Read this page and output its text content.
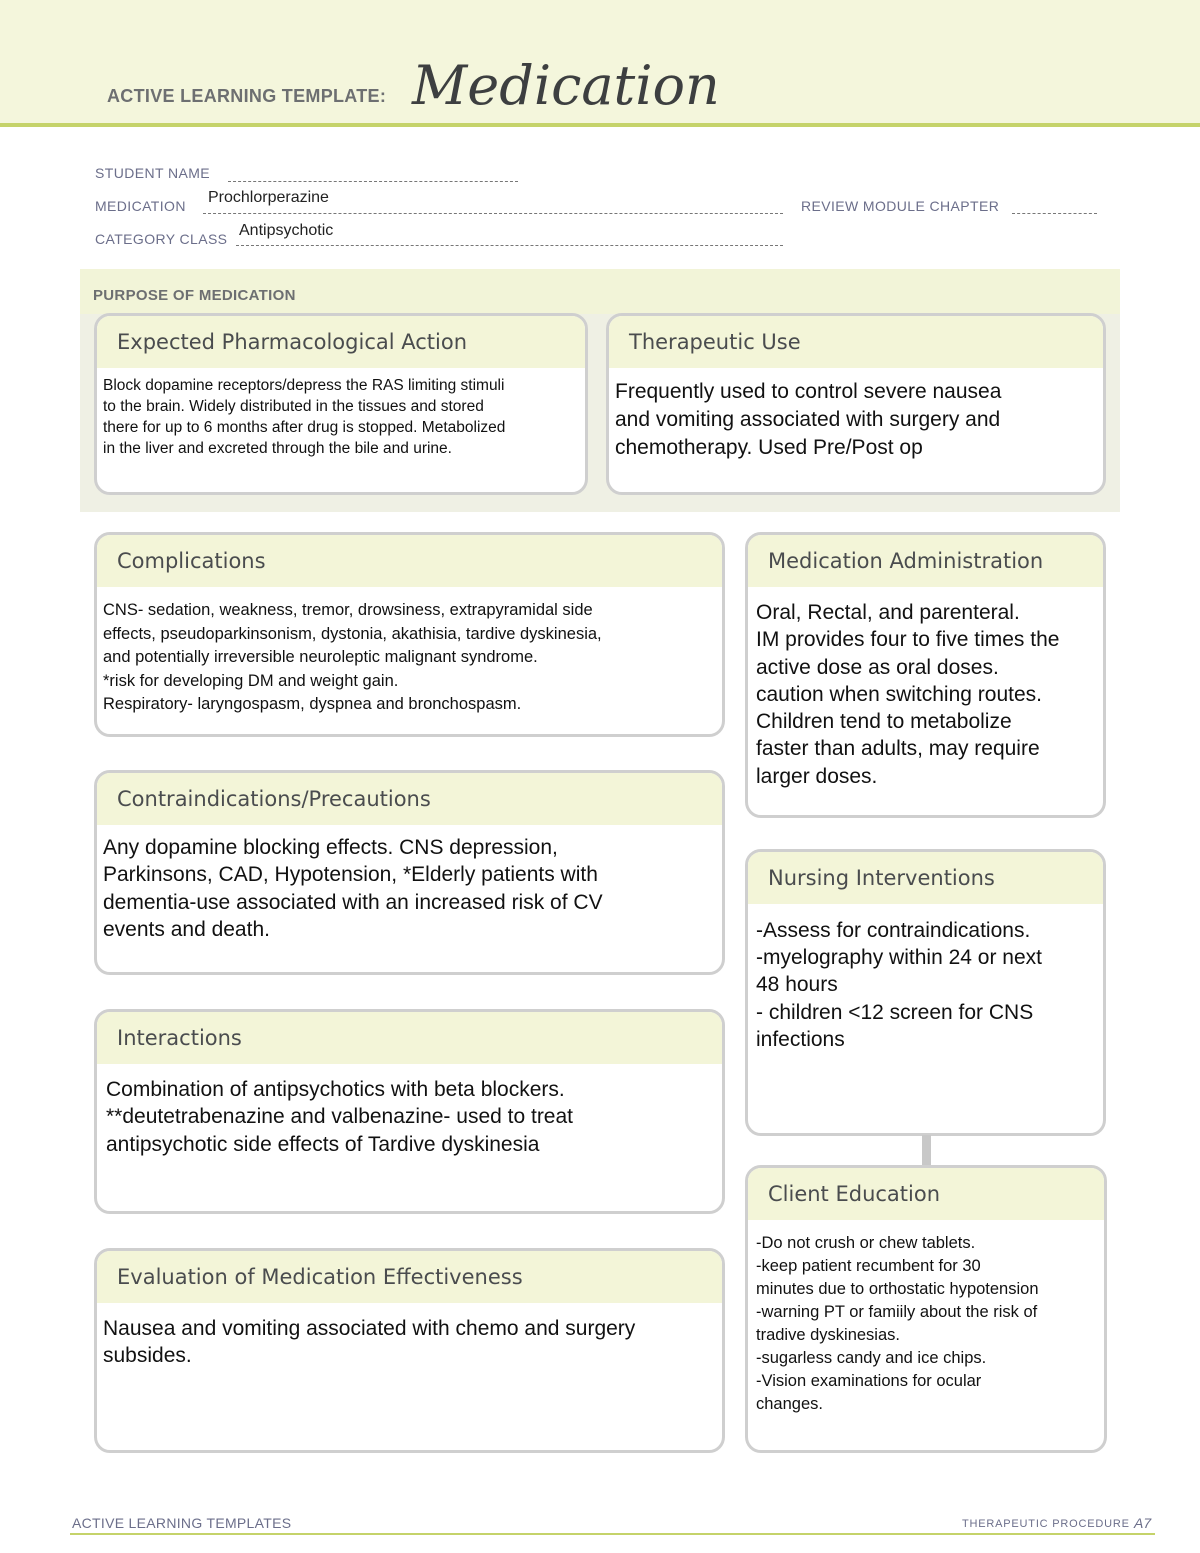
ACTIVE LEARNING TEMPLATE: Medication
STUDENT NAME
MEDICATION Prochlorperazine	REVIEW MODULE CHAPTER
CATEGORY CLASS Antipsychotic
PURPOSE OF MEDICATION
Expected Pharmacological Action
Block dopamine receptors/depress the RAS limiting stimuli
to the brain. Widely distributed in the tissues and stored
there for up to 6 months after drug is stopped. Metabolized
in the liver and excreted through the bile and urine.
Therapeutic Use
Frequently used to control severe nausea
and vomiting associated with surgery and
chemotherapy. Used Pre/Post op
Complications
CNS- sedation, weakness, tremor, drowsiness, extrapyramidal side
effects, pseudoparkinsonism, dystonia, akathisia, tardive dyskinesia,
and potentially irreversible neuroleptic malignant syndrome.
*risk for developing DM and weight gain.
Respiratory- laryngospasm, dyspnea and bronchospasm.
Medication Administration
Oral, Rectal, and parenteral.
IM provides four to five times the
active dose as oral doses.
caution when switching routes.
Children tend to metabolize
faster than adults, may require
larger doses.
Contraindications/Precautions
Any dopamine blocking effects. CNS depression,
Parkinsons, CAD, Hypotension, *Elderly patients with
dementia-use associated with an increased risk of CV
events and death.
Nursing Interventions
-Assess for contraindications.
-myelography within 24 or next
48 hours
- children <12 screen for CNS
infections
Interactions
Combination of antipsychotics with beta blockers.
**deutetrabenazine and valbenazine- used to treat
antipsychotic side effects of Tardive dyskinesia
Client Education
-Do not crush or chew tablets.
-keep patient recumbent for 30
minutes due to orthostatic hypotension
-warning PT or famiily about the risk of
tradive dyskinesias.
-sugarless candy and ice chips.
-Vision examinations for ocular
changes.
Evaluation of Medication Effectiveness
Nausea and vomiting associated with chemo and surgery
subsides.
ACTIVE LEARNING TEMPLATES	THERAPEUTIC PROCEDURE A7
